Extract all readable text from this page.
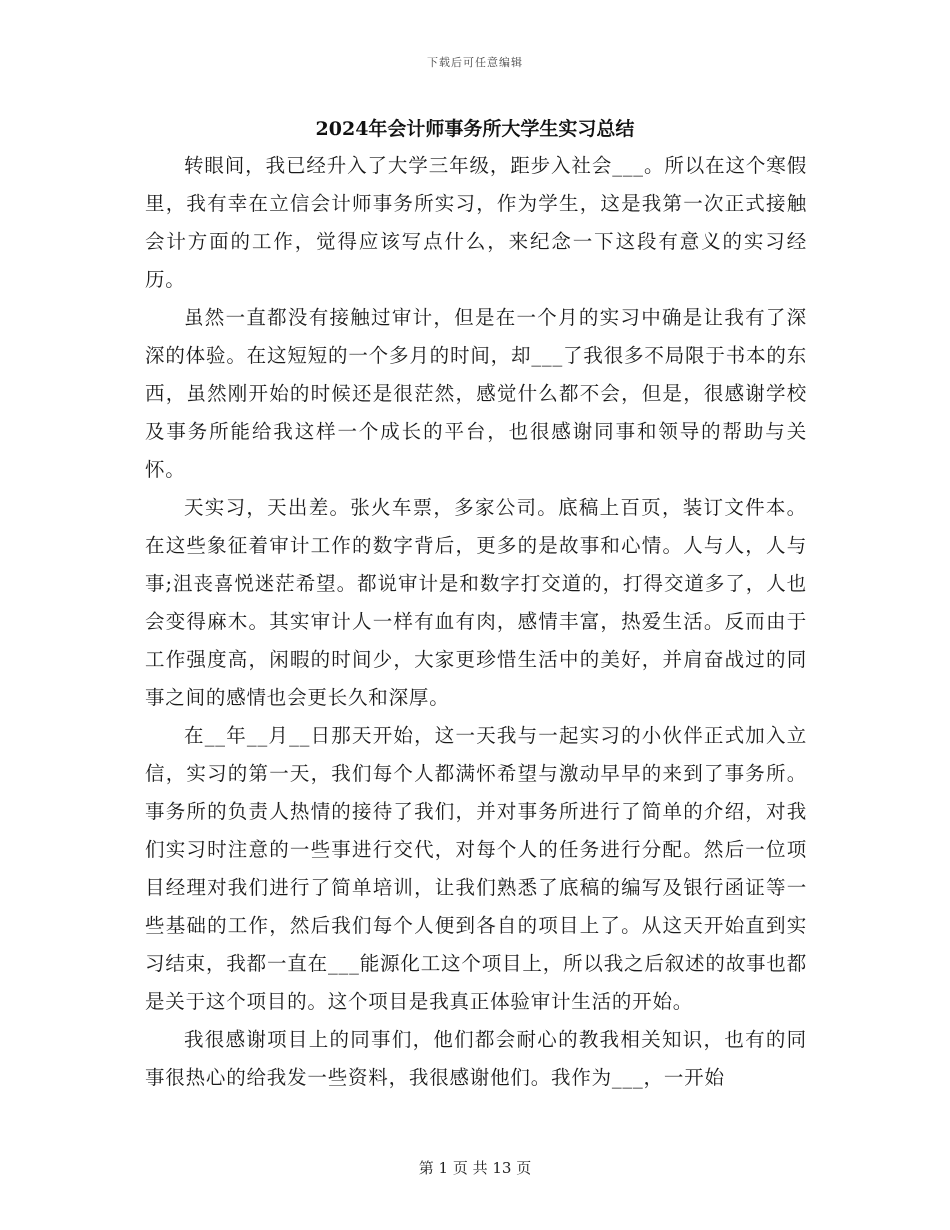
下载后可任意编辑
2024年会计师事务所大学生实习总结

转眼间，我已经升入了大学三年级，距步入社会___。所以在这个寒假里，我有幸在立信会计师事务所实习，作为学生，这是我第一次正式接触会计方面的工作，觉得应该写点什么，来纪念一下这段有意义的实习经历。

虽然一直都没有接触过审计，但是在一个月的实习中确是让我有了深深的体验。在这短短的一个多月的时间，却___了我很多不局限于书本的东西，虽然刚开始的时候还是很茫然，感觉什么都不会，但是，很感谢学校及事务所能给我这样一个成长的平台，也很感谢同事和领导的帮助与关怀。

天实习，天出差。张火车票，多家公司。底稿上百页，装订文件本。在这些象征着审计工作的数字背后，更多的是故事和心情。人与人，人与事;沮丧喜悦迷茫希望。都说审计是和数字打交道的，打得交道多了，人也会变得麻木。其实审计人一样有血有肉，感情丰富，热爱生活。反而由于工作强度高，闲暇的时间少，大家更珍惜生活中的美好，并肩奋战过的同事之间的感情也会更长久和深厚。

在__年__月__日那天开始，这一天我与一起实习的小伙伴正式加入立信，实习的第一天，我们每个人都满怀希望与激动早早的来到了事务所。事务所的负责人热情的接待了我们，并对事务所进行了简单的介绍，对我们实习时注意的一些事进行交代，对每个人的任务进行分配。然后一位项目经理对我们进行了简单培训，让我们熟悉了底稿的编写及银行函证等一些基础的工作，然后我们每个人便到各自的项目上了。从这天开始直到实习结束，我都一直在___能源化工这个项目上，所以我之后叙述的故事也都是关于这个项目的。这个项目是我真正体验审计生活的开始。

我很感谢项目上的同事们，他们都会耐心的教我相关知识，也有的同事很热心的给我发一些资料，我很感谢他们。我作为___，一开始

第 1 页 共 13 页
